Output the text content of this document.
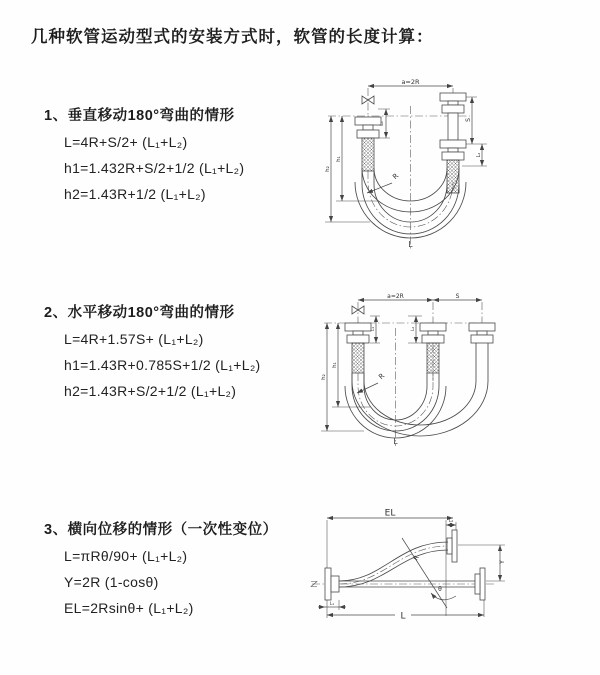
几种软管运动型式的安装方式时，软管的长度计算：
1、垂直移动180°弯曲的情形
L=4R+S/2+ (L₁+L₂)
h1=1.432R+S/2+1/2 (L₁+L₂)
h2=1.43R+1/2 (L₁+L₂)
2、水平移动180°弯曲的情形
L=4R+1.57S+ (L₁+L₂)
h1=1.43R+0.785S+1/2 (L₁+L₂)
h2=1.43R+S/2+1/2 (L₁+L₂)
3、横向位移的情形（一次性变位）
L=πRθ/90+ (L₁+L₂)
Y=2R (1-cosθ)
EL=2Rsinθ+ (L₁+L₂)
a=2R
L₁
S
L₂
h₁
h₂
R
L
a=2R	S
L₁	L₂
h₁
h₂	R
L
EL
L₂
Y
R
θ
L₁
L
